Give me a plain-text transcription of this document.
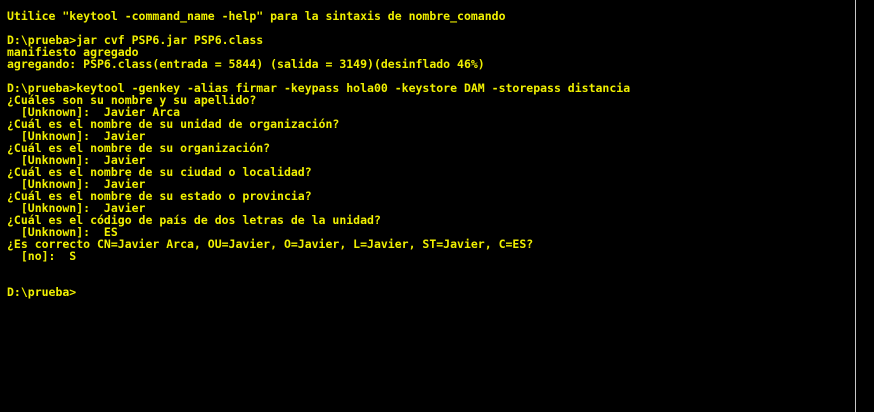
Utilice "keytool -command_name -help" para la sintaxis de nombre_comando
D:\prueba>jar cvf PSP6.jar PSP6.class
manifiesto agregado
agregando: PSP6.class(entrada = 5844) (salida = 3149)(desinflado 46%)
D:\prueba>keytool -genkey -alias firmar -keypass hola00 -keystore DAM -storepass distancia
¿Cuáles son su nombre y su apellido?
[Unknown]:  Javier Arca
¿Cuál es el nombre de su unidad de organización?
[Unknown]:  Javier
¿Cuál es el nombre de su organización?
[Unknown]:  Javier
¿Cuál es el nombre de su ciudad o localidad?
[Unknown]:  Javier
¿Cuál es el nombre de su estado o provincia?
[Unknown]:  Javier
¿Cuál es el código de país de dos letras de la unidad?
[Unknown]:  ES
¿Es correcto CN=Javier Arca, OU=Javier, O=Javier, L=Javier, ST=Javier, C=ES?
[no]:  S
D:\prueba>
